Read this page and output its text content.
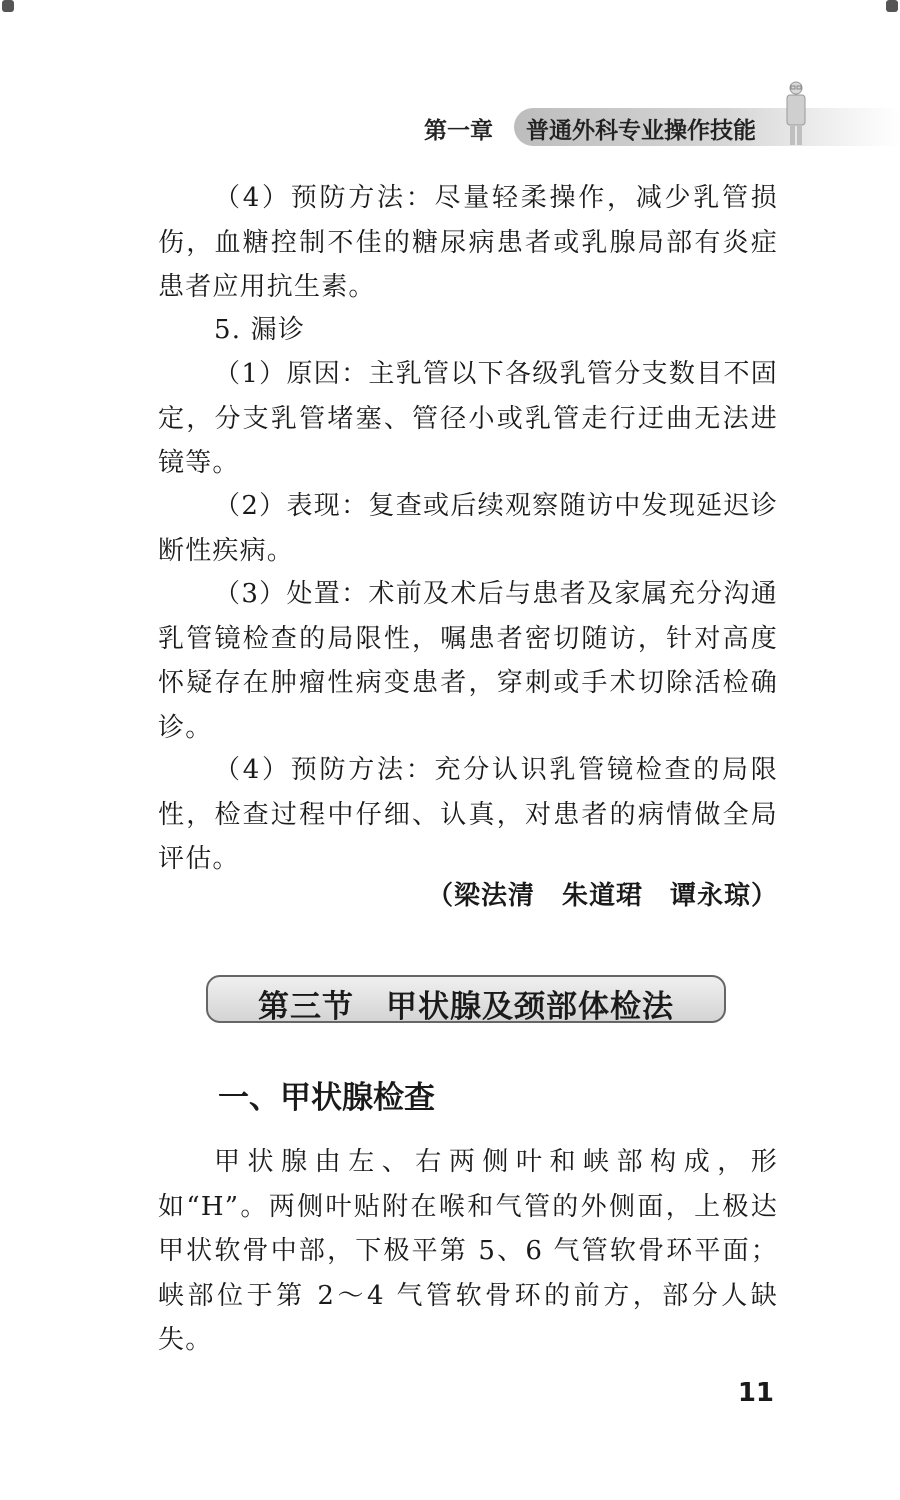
第一章 普通外科专业操作技能

（4）预防方法：尽量轻柔操作，减少乳管损伤，血糖控制不佳的糖尿病患者或乳腺局部有炎症患者应用抗生素。

5. 漏诊

（1）原因：主乳管以下各级乳管分支数目不固定，分支乳管堵塞、管径小或乳管走行迂曲无法进镜等。

（2）表现：复查或后续观察随访中发现延迟诊断性疾病。

（3）处置：术前及术后与患者及家属充分沟通乳管镜检查的局限性，嘱患者密切随访，针对高度怀疑存在肿瘤性病变患者，穿刺或手术切除活检确诊。

（4）预防方法：充分认识乳管镜检查的局限性，检查过程中仔细、认真，对患者的病情做全局评估。

（梁法清　朱道珺　谭永琼）
第三节　甲状腺及颈部体检法
一、甲状腺检查

甲状腺由左、右两侧叶和峡部构成，形如“H”。两侧叶贴附在喉和气管的外侧面，上极达甲状软骨中部，下极平第 5、6 气管软骨环平面；峡部位于第 2～4 气管软骨环的前方，部分人缺失。

11
